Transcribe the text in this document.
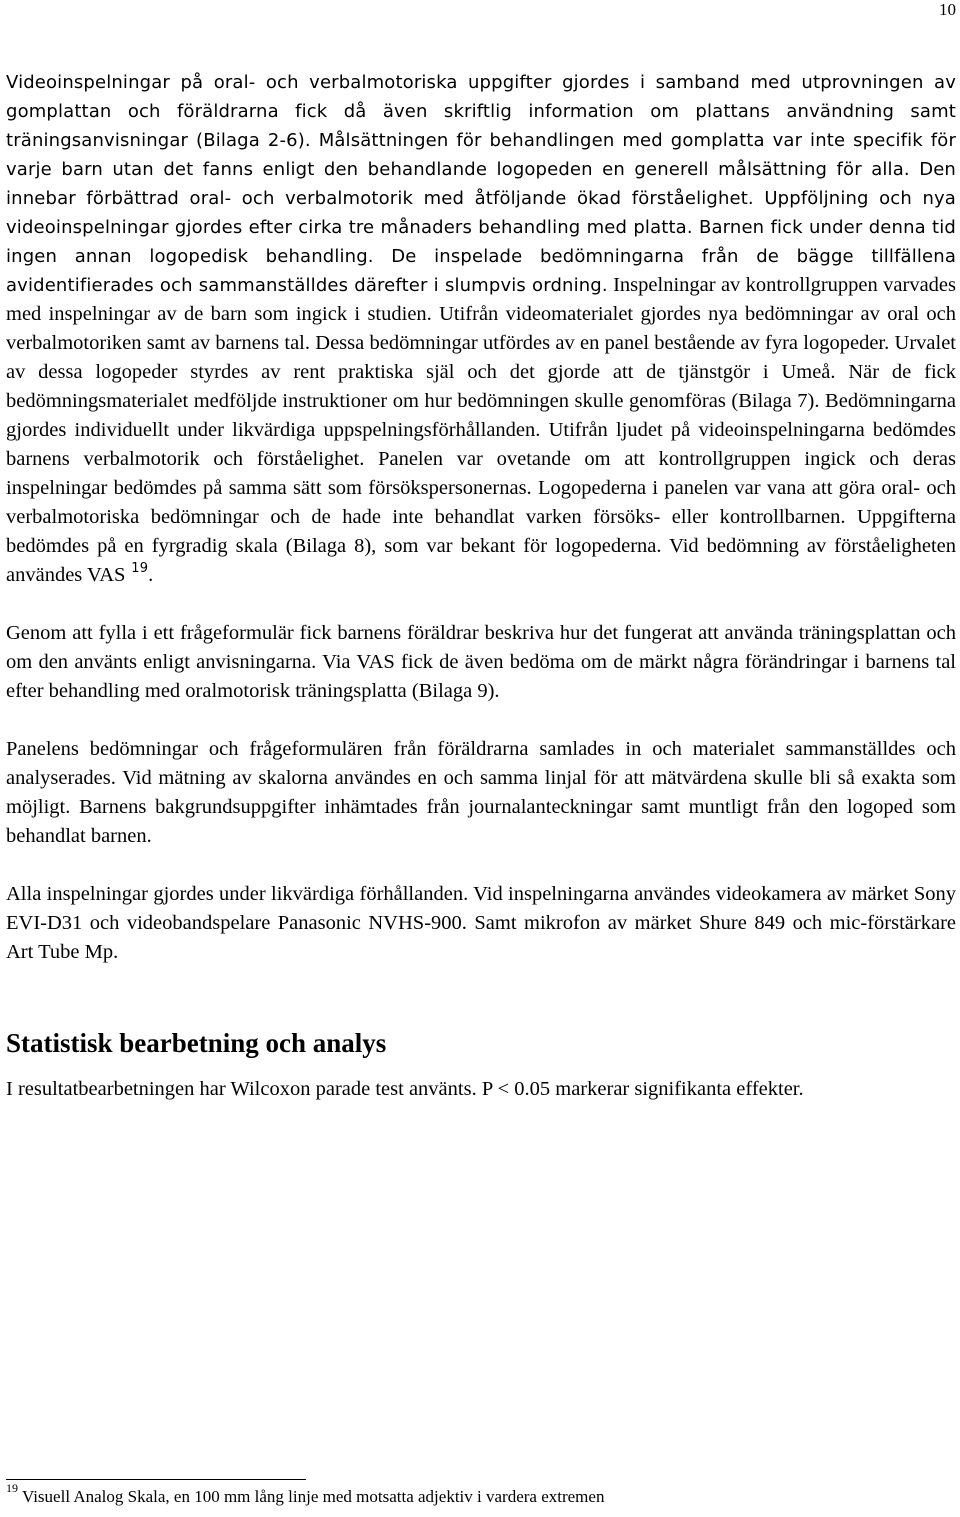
10

Videoinspelningar på oral- och verbalmotoriska uppgifter gjordes i samband med utprovningen av gomplattan och föräldrarna fick då även skriftlig information om plattans användning samt träningsanvisningar (Bilaga 2-6). Målsättningen för behandlingen med gomplatta var inte specifik för varje barn utan det fanns enligt den behandlande logopeden en generell målsättning för alla. Den innebar förbättrad oral- och verbalmotorik med åtföljande ökad förståelighet. Uppföljning och nya videoinspelningar gjordes efter cirka tre månaders behandling med platta. Barnen fick under denna tid ingen annan logopedisk behandling. De inspelade bedömningarna från de bägge tillfällena avidentifierades och sammanställdes därefter i slumpvis ordning. Inspelningar av kontrollgruppen varvades med inspelningar av de barn som ingick i studien. Utifrån videomaterialet gjordes nya bedömningar av oral och verbalmotoriken samt av barnens tal. Dessa bedömningar utfördes av en panel bestående av fyra logopeder. Urvalet av dessa logopeder styrdes av rent praktiska själ och det gjorde att de tjänstgör i Umeå. När de fick bedömningsmaterialet medföljde instruktioner om hur bedömningen skulle genomföras (Bilaga 7). Bedömningarna gjordes individuellt under likvärdiga uppspelningsförhållanden. Utifrån ljudet på videoinspelningarna bedömdes barnens verbalmotorik och förståelighet. Panelen var ovetande om att kontrollgruppen ingick och deras inspelningar bedömdes på samma sätt som försökspersonernas. Logopederna i panelen var vana att göra oral- och verbalmotoriska bedömningar och de hade inte behandlat varken försöks- eller kontrollbarnen. Uppgifterna bedömdes på en fyrgradig skala (Bilaga 8), som var bekant för logopederna. Vid bedömning av förståeligheten användes VAS $^{19}$.

Genom att fylla i ett frågeformulär fick barnens föräldrar beskriva hur det fungerat att använda träningsplattan och om den använts enligt anvisningarna. Via VAS fick de även bedöma om de märkt några förändringar i barnens tal efter behandling med oralmotorisk träningsplatta (Bilaga 9).

Panelens bedömningar och frågeformulären från föräldrarna samlades in och materialet sammanställdes och analyserades. Vid mätning av skalorna användes en och samma linjal för att mätvärdena skulle bli så exakta som möjligt. Barnens bakgrundsuppgifter inhämtades från journalanteckningar samt muntligt från den logoped som behandlat barnen.

Alla inspelningar gjordes under likvärdiga förhållanden. Vid inspelningarna användes videokamera av märket Sony EVI-D31 och videobandspelare Panasonic NVHS-900. Samt mikrofon av märket Shure 849 och mic-förstärkare Art Tube Mp.

Statistisk bearbetning och analys

I resultatbearbetningen har Wilcoxon parade test använts. P < 0.05 markerar signifikanta effekter.

$^{19}$ Visuell Analog Skala, en 100 mm lång linje med motsatta adjektiv i vardera extremen
